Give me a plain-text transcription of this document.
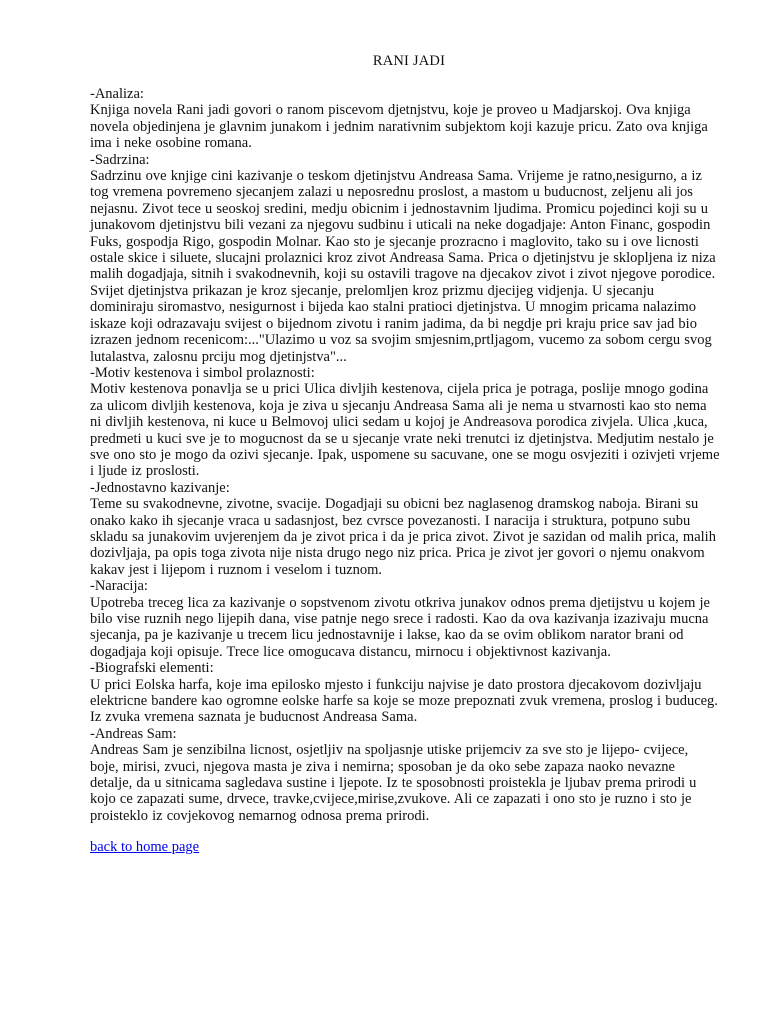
RANI JADI
-Analiza:
Knjiga novela Rani jadi govori o ranom piscevom djetnjstvu, koje je proveo u Madjarskoj. Ova knjiga novela objedinjena je glavnim junakom i jednim narativnim subjektom koji kazuje pricu. Zato ova knjiga ima i neke osobine romana.
-Sadrzina:
Sadrzinu ove knjige cini kazivanje o teskom djetinjstvu Andreasa Sama. Vrijeme je ratno,nesigurno, a iz tog vremena povremeno sjecanjem zalazi u neposrednu proslost, a mastom u buducnost, zeljenu ali jos nejasnu. Zivot tece u seoskoj sredini, medju obicnim i jednostavnim ljudima. Promicu pojedinci koji su u junakovom djetinjstvu bili vezani za njegovu sudbinu i uticali na neke dogadjaje: Anton Financ, gospodin Fuks, gospodja Rigo, gospodin Molnar. Kao sto je sjecanje prozracno i maglovito, tako su i ove licnosti ostale skice i siluete, slucajni prolaznici kroz zivot Andreasa Sama. Prica o djetinjstvu je sklopljena iz niza malih dogadjaja, sitnih i svakodnevnih, koji su ostavili tragove na djecakov zivot i zivot njegove porodice. Svijet djetinjstva prikazan je kroz sjecanje, prelomljen kroz prizmu djecijeg vidjenja. U sjecanju dominiraju siromastvo, nesigurnost i bijeda kao stalni pratioci djetinjstva. U mnogim pricama nalazimo iskaze koji odrazavaju svijest o bijednom zivotu i ranim jadima, da bi negdje pri kraju price sav jad bio izrazen jednom recenicom:..."Ulazimo u voz sa svojim smjesnim,prtljagom, vucemo za sobom cergu svog lutalastva, zalosnu prciju mog djetinjstva"...
-Motiv kestenova i simbol prolaznosti:
Motiv kestenova ponavlja se u prici Ulica divljih kestenova, cijela prica je potraga, poslije mnogo godina za ulicom divljih kestenova, koja je ziva u sjecanju Andreasa Sama ali je nema u stvarnosti kao sto nema ni divljih kestenova, ni kuce u Belmovoj ulici sedam u kojoj je Andreasova porodica zivjela. Ulica ,kuca, predmeti u kuci sve je to mogucnost da se u sjecanje vrate neki trenutci iz djetinjstva. Medjutim nestalo je sve ono sto je mogo da ozivi sjecanje. Ipak, uspomene su sacuvane, one se mogu osvjeziti i ozivjeti vrjeme i ljude iz proslosti.
-Jednostavno kazivanje:
Teme su svakodnevne, zivotne, svacije. Dogadjaji su obicni bez naglasenog dramskog naboja. Birani su onako kako ih sjecanje vraca u sadasnjost, bez cvrsce povezanosti. I naracija i struktura, potpuno subu skladu sa junakovim uvjerenjem da je zivot prica i da je prica zivot. Zivot je sazidan od malih prica, malih dozivljaja, pa opis toga zivota nije nista drugo nego niz prica. Prica je zivot jer govori o njemu onakvom kakav jest i lijepom i ruznom i veselom i tuznom.
-Naracija:
Upotreba treceg lica za kazivanje o sopstvenom zivotu otkriva junakov odnos prema djetijstvu u kojem je bilo vise ruznih nego lijepih dana, vise patnje nego srece i radosti. Kao da ova kazivanja izazivaju mucna sjecanja, pa je kazivanje u trecem licu jednostavnije i lakse, kao da se ovim oblikom narator brani od dogadjaja koji opisuje. Trece lice omogucava distancu, mirnocu i objektivnost kazivanja.
-Biografski elementi:
U prici Eolska harfa, koje ima epilosko mjesto i funkciju najvise je dato prostora djecakovom dozivljaju elektricne bandere kao ogromne eolske harfe sa koje se moze prepoznati zvuk vremena, proslog i buduceg. Iz zvuka vremena saznata je buducnost Andreasa Sama.
-Andreas Sam:
Andreas Sam je senzibilna licnost, osjetljiv na spoljasnje utiske prijemciv za sve sto je lijepo- cvijece, boje, mirisi, zvuci, njegova masta je ziva i nemirna; sposoban je da oko sebe zapaza naoko nevazne detalje, da u sitnicama sagledava sustine i ljepote. Iz te sposobnosti proistekla je ljubav prema prirodi u kojo ce zapazati sume, drvece, travke,cvijece,mirise,zvukove. Ali ce zapazati i ono sto je ruzno i sto je proisteklo iz covjekovog nemarnog odnosa prema prirodi.
back to home page
